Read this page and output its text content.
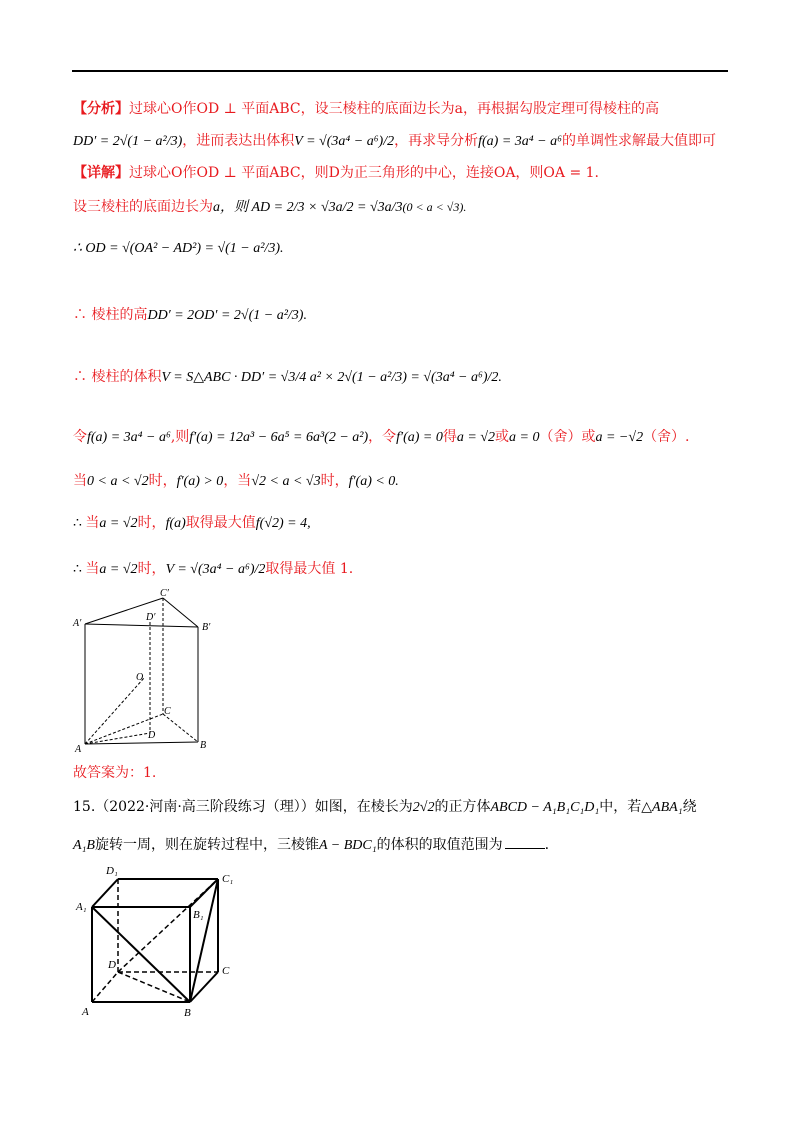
【分析】过球心O作OD ⊥ 平面ABC，设三棱柱的底面边长为a，再根据勾股定理可得棱柱的高
DD′ = 2√(1 − a²/3)，进而表达出体积V = √(3a⁴ − a⁶)/2，再求导分析f(a) = 3a⁴ − a⁶的单调性求解最大值即可
【详解】过球心O作OD ⊥ 平面ABC，则D为正三角形的中心，连接OA，则OA = 1.
设三棱柱的底面边长为a，则 AD = 2/3 × √3a/2 = √3a/3(0 < a < √3).
∴ OD = √(OA² − AD²) = √(1 − a²/3).
∴ 棱柱的高DD′ = 2OD′ = 2√(1 − a²/3).
∴ 棱柱的体积V = S△ABC · DD′ = √3/4 a² × 2√(1 − a²/3) = √(3a⁴ − a⁶)/2.
令f(a) = 3a⁴ − a⁶,则f′(a) = 12a³ − 6a⁵ = 6a³(2 − a²)，令f′(a) = 0得a = √2或a = 0（舍）或a = −√2（舍）.
当0 < a < √2时，f′(a) > 0，当√2 < a < √3时，f′(a) < 0.
∴ 当a = √2时，f(a)取得最大值f(√2) = 4,
∴ 当a = √2时，V = √(3a⁴ − a⁶)/2取得最大值 1.
A′	B′
C′
D′
O
C
D
A	B
故答案为：1.
15.（2022·河南·高三阶段练习（理））如图，在棱长为2√2的正方体ABCD − A₁B₁C₁D₁中，若△ABA₁绕
A₁B旋转一周，则在旋转过程中，三棱锥A − BDC₁的体积的取值范围为	.
D₁
C₁
A₁
B₁
D	C
A	B
